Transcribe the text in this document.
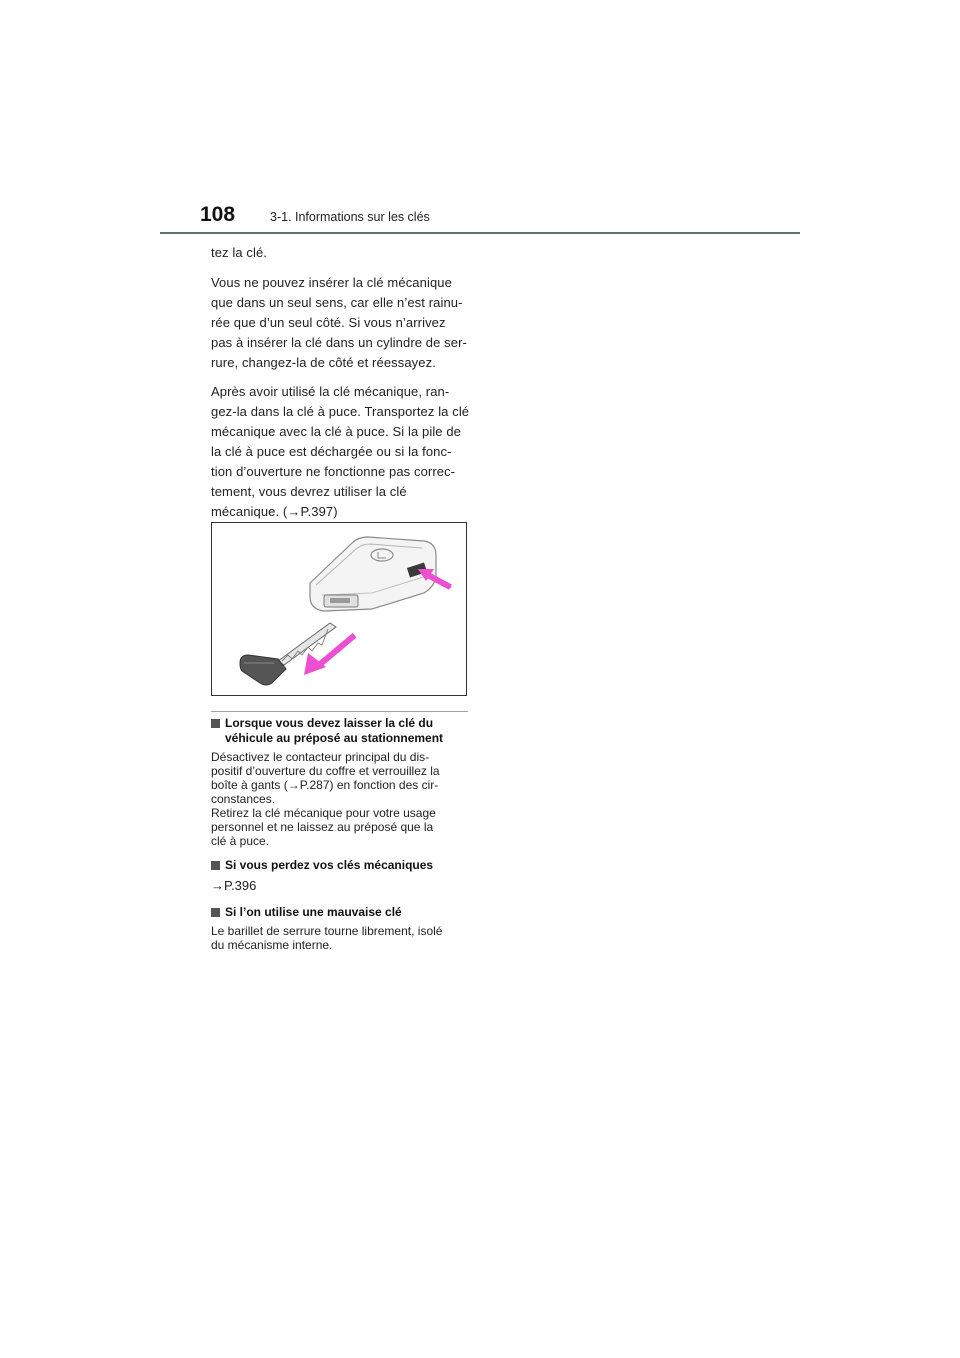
108	3-1. Informations sur les clés

tez la clé.

Vous ne pouvez insérer la clé mécanique
que dans un seul sens, car elle n’est rainu-
rée que d’un seul côté. Si vous n’arrivez
pas à insérer la clé dans un cylindre de ser-
rure, changez-la de côté et réessayez.

Après avoir utilisé la clé mécanique, ran-
gez-la dans la clé à puce. Transportez la clé
mécanique avec la clé à puce. Si la pile de
la clé à puce est déchargée ou si la fonc-
tion d’ouverture ne fonctionne pas correc-
tement, vous devrez utiliser la clé
mécanique. (→P.397)

Lorsque vous devez laisser la clé du
véhicule au préposé au stationnement

Désactivez le contacteur principal du dis-
positif d’ouverture du coffre et verrouillez la
boîte à gants (→P.287) en fonction des cir-
constances.
Retirez la clé mécanique pour votre usage
personnel et ne laissez au préposé que la
clé à puce.

Si vous perdez vos clés mécaniques

→P.396

Si l’on utilise une mauvaise clé

Le barillet de serrure tourne librement, isolé
du mécanisme interne.
